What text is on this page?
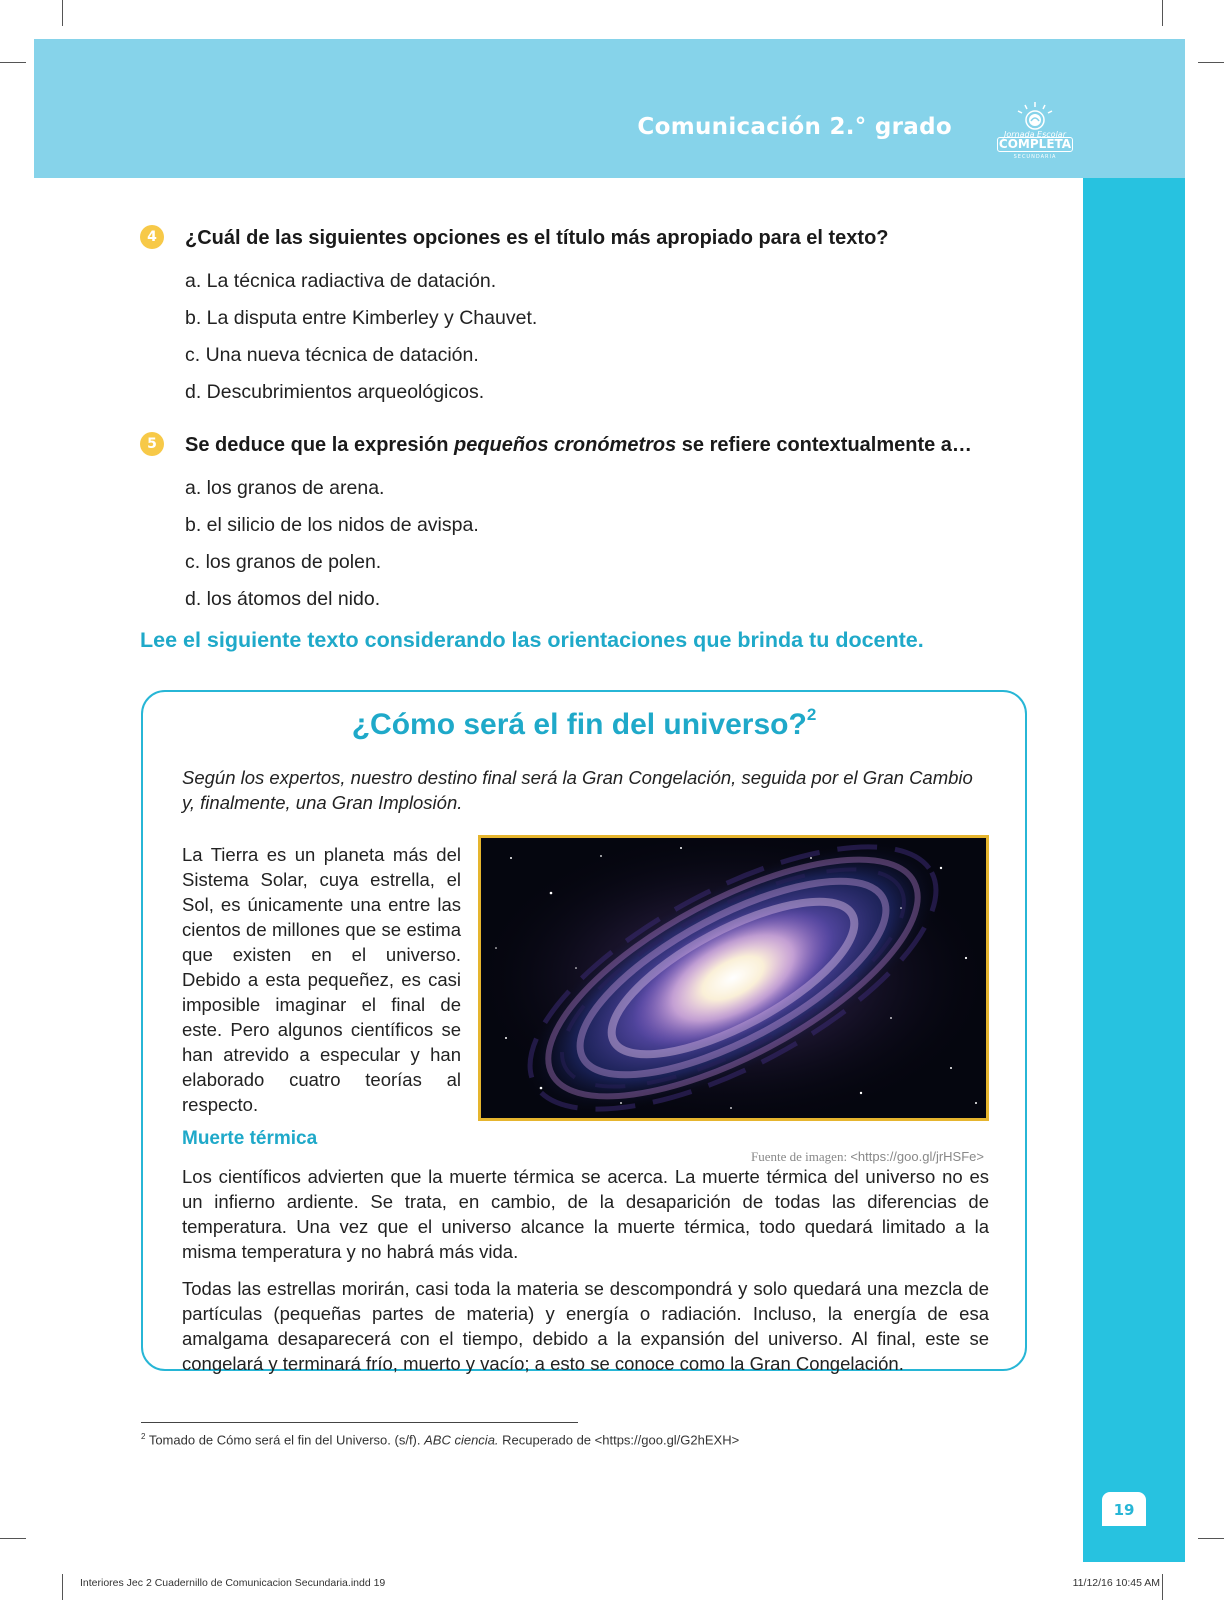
Comunicación 2.° grado	Jornada Escolar
COMPLETA
SECUNDARIA
19
4	¿Cuál de las siguientes opciones es el título más apropiado para el texto?
a. La técnica radiactiva de datación.
b. La disputa entre Kimberley y Chauvet.
c. Una nueva técnica de datación.
d. Descubrimientos arqueológicos.
5	Se deduce que la expresión pequeños cronómetros se refiere contextualmente a…
a. los granos de arena.
b. el silicio de los nidos de avispa.
c. los granos de polen.
d. los átomos del nido.
Lee el siguiente texto considerando las orientaciones que brinda tu docente.
¿Cómo será el fin del universo?$^2$
Según los expertos, nuestro destino final será la Gran Congelación, seguida por el Gran Cambio y, finalmente, una Gran Implosión.

La Tierra es un planeta más del Sistema Solar, cuya estrella, el Sol, es únicamente una entre las cientos de millones que se estima que existen en el universo. Debido a esta pequeñez, es casi imposible imaginar el final de este. Pero algunos científicos se han atrevido a especular y han elaborado cuatro teorías al respecto.

Fuente de imagen: <https://goo.gl/jrHSFe>
Muerte térmica

Los científicos advierten que la muerte térmica se acerca. La muerte térmica del universo no es un infierno ardiente. Se trata, en cambio, de la desaparición de todas las diferencias de temperatura. Una vez que el universo alcance la muerte térmica, todo quedará limitado a la misma temperatura y no habrá más vida.

Todas las estrellas morirán, casi toda la materia se descompondrá y solo quedará una mezcla de partículas (pequeñas partes de materia) y energía o radiación. Incluso, la energía de esa amalgama desaparecerá con el tiempo, debido a la expansión del universo. Al final, este se congelará y terminará frío, muerto y vacío; a esto se conoce como la Gran Congelación.

$^2$ Tomado de Cómo será el fin del Universo. (s/f). ABC ciencia. Recuperado de <https://goo.gl/G2hEXH>
Interiores Jec 2 Cuadernillo de Comunicacion Secundaria.indd 19	11/12/16 10:45 AM
